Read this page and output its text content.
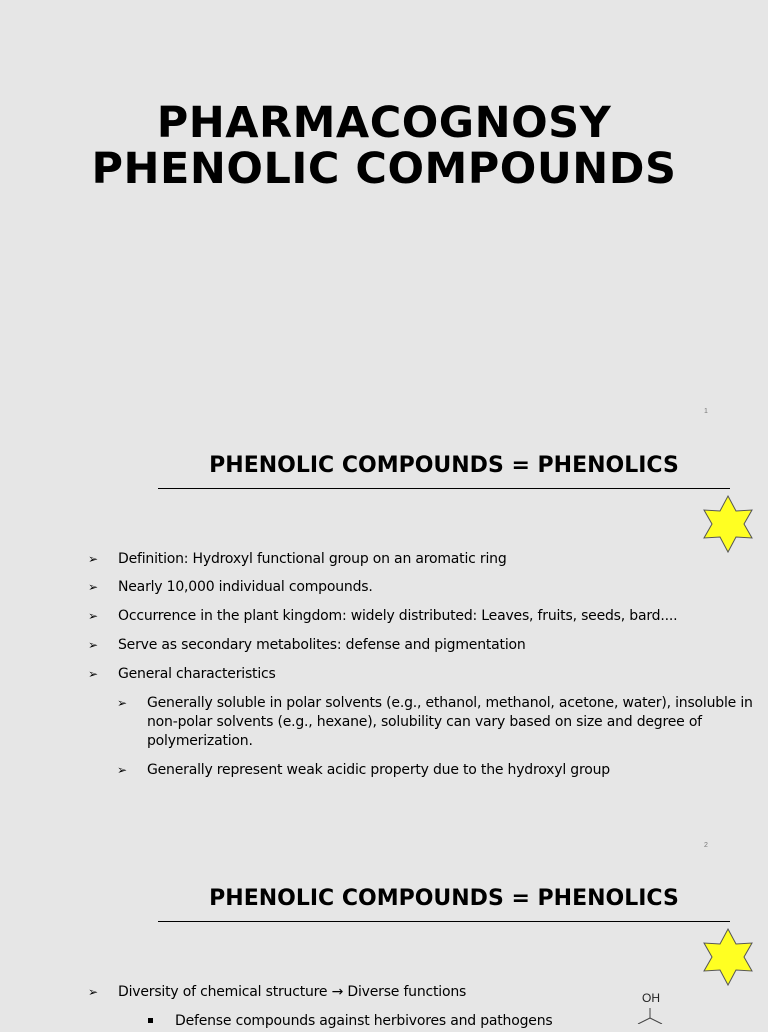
PHARMACOGNOSY
PHENOLIC COMPOUNDS
1
PHENOLIC COMPOUNDS = PHENOLICS
➢ Definition: Hydroxyl functional group on an aromatic ring
➢ Nearly 10,000 individual compounds.
➢ Occurrence in the plant kingdom: widely distributed: Leaves, fruits, seeds, bard....
➢ Serve as secondary metabolites: defense and pigmentation
➢ General characteristics
➢ Generally soluble in polar solvents (e.g., ethanol, methanol, acetone, water), insoluble in
non-polar solvents (e.g., hexane), solubility can vary based on size and degree of
polymerization.
➢ Generally represent weak acidic property due to the hydroxyl group
2
PHENOLIC COMPOUNDS = PHENOLICS
➢ Diversity of chemical structure → Diverse functions
Defense compounds against herbivores and pathogens
OH
